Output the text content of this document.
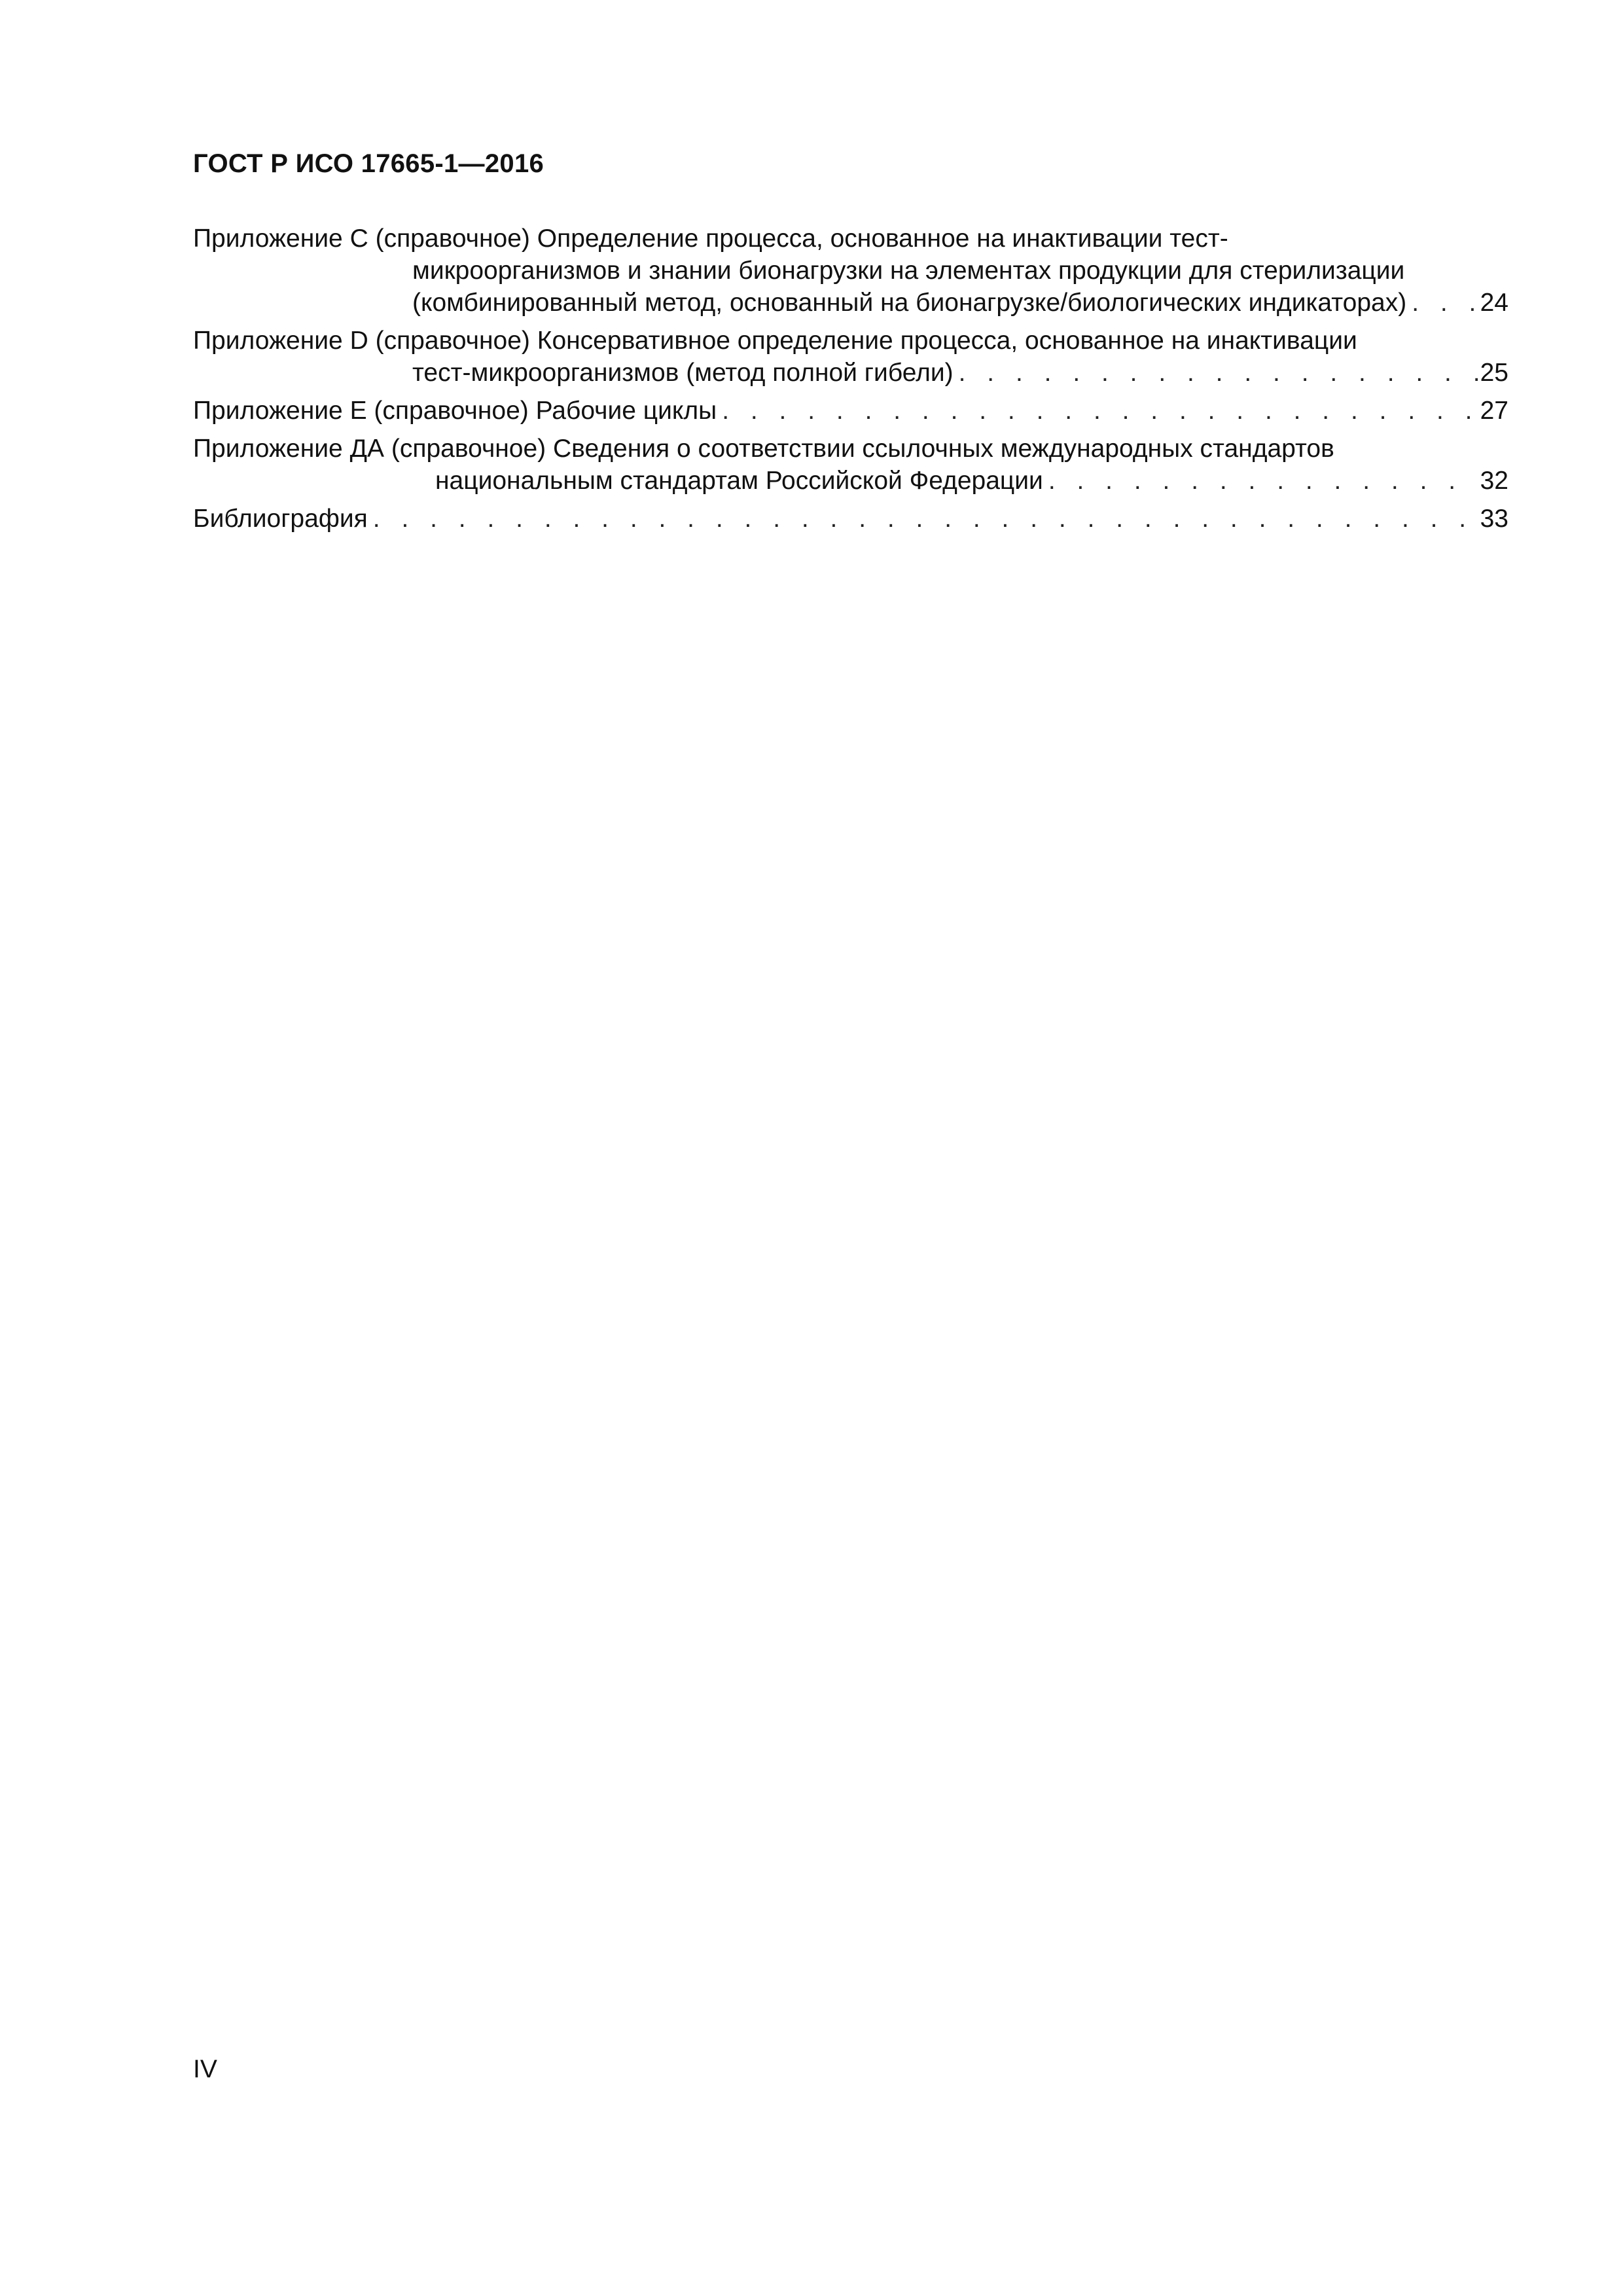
ГОСТ Р ИСО 17665-1—2016
Приложение С (справочное) Определение процесса, основанное на инактивации тест-
микроорганизмов и знании бионагрузки на элементах продукции для стерилизации
(комбинированный метод, основанный на бионагрузке/биологических индикаторах) . . .	24
Приложение D (справочное) Консервативное определение процесса, основанное на инактивации
тест-микроорганизмов (метод полной гибели) . . .	25
Приложение Е (справочное) Рабочие циклы . . .	27
Приложение ДА (справочное) Сведения о соответствии ссылочных международных стандартов
национальным стандартам Российской Федерации . . .	32
Библиография . . .	33
IV
